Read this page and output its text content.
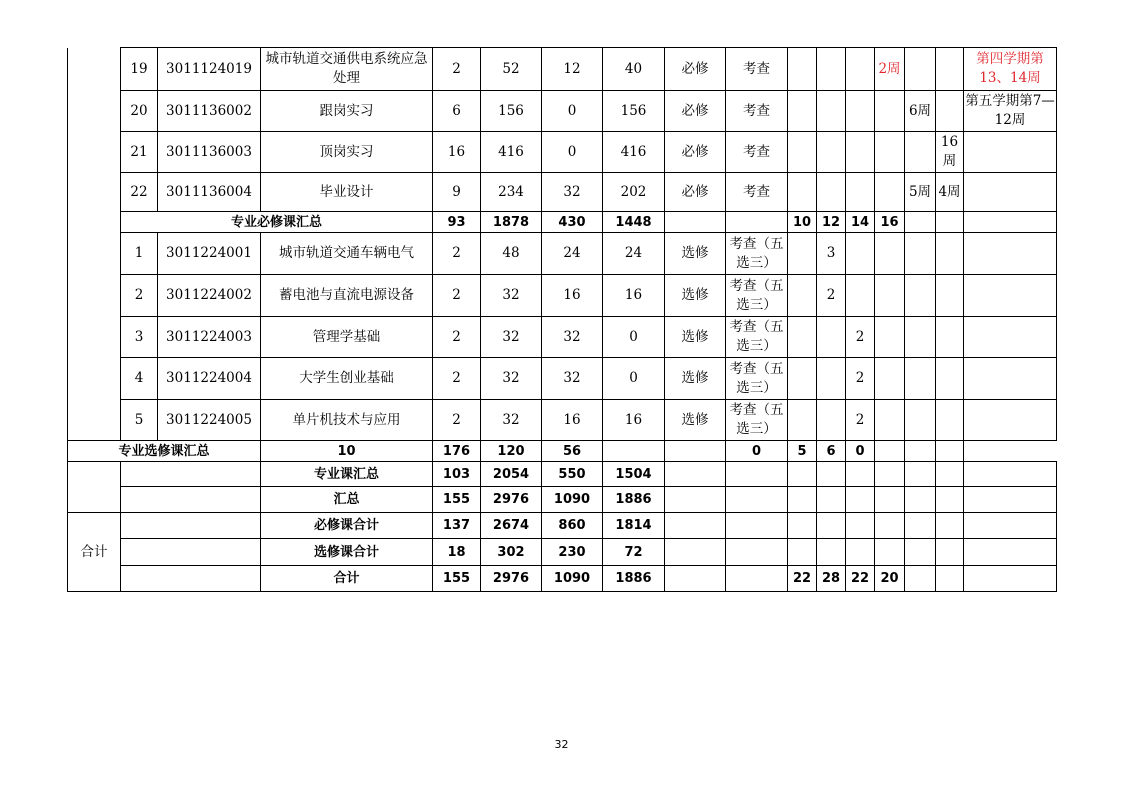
	19	3011124019	城市轨道交通供电系统应急处理	2	52	12	40	必修	考查				2周			第四学期第13、14周
	20	3011136002	跟岗实习	6	156	0	156	必修	考查					6周		第五学期第7—12周
	21	3011136003	顶岗实习	16	416	0	416	必修	考查						16周	
	22	3011136004	毕业设计	9	234	32	202	必修	考查					5周	4周	
	专业必修课汇总			93	1878	430	1448			10	12	14	16			
	1	3011224001	城市轨道交通车辆电气	2	48	24	24	选修	考查（五选三）		3					
	2	3011224002	蓄电池与直流电源设备	2	32	16	16	选修	考查（五选三）		2					
	3	3011224003	管理学基础	2	32	32	0	选修	考查（五选三）			2				
	4	3011224004	大学生创业基础	2	32	32	0	选修	考查（五选三）			2				
	5	3011224005	单片机技术与应用	2	32	16	16	选修	考查（五选三）			2				
专业选修课汇总			10	176	120	56			0	5	6	0				
			专业课汇总	103	2054	550	1504									
			汇总	155	2976	1090	1886									
合计			必修课合计	137	2674	860	1814									
			选修课合计	18	302	230	72									
			合计	155	2976	1090	1886			22	28	22	20			
32
